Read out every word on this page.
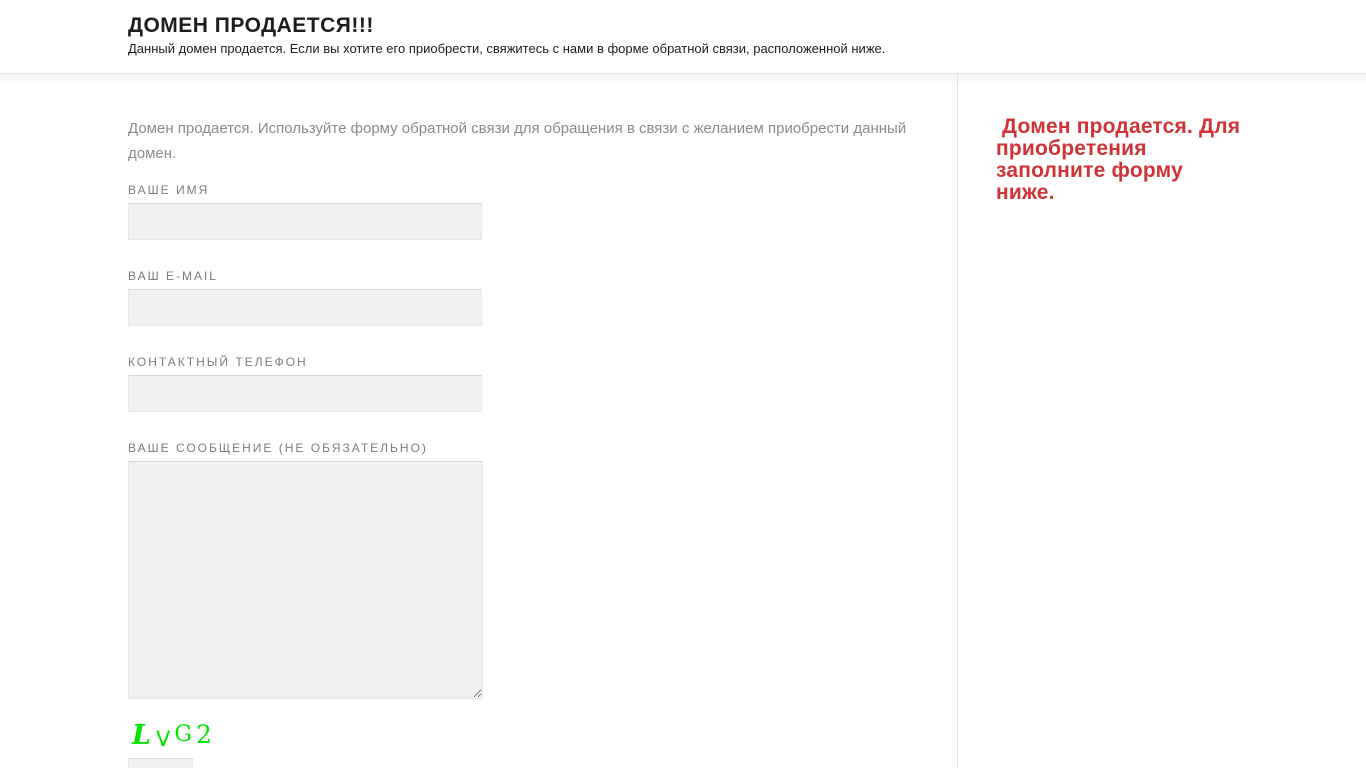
ДОМЕН ПРОДАЕТСЯ!!!

Данный домен продается. Если вы хотите его приобрести, свяжитесь с нами в форме обратной связи, расположенной ниже.

Домен продается. Используйте форму обратной связи для обращения в связи с желанием приобрести данный домен.

ВАШЕ ИМЯ
ВАШ E-MAIL
КОНТАКТНЫЙ ТЕЛЕФОН
ВАШЕ СООБЩЕНИЕ (НЕ ОБЯЗАТЕЛЬНО)
L V G 2
Домен продается. Для приобретения заполните форму ниже.
